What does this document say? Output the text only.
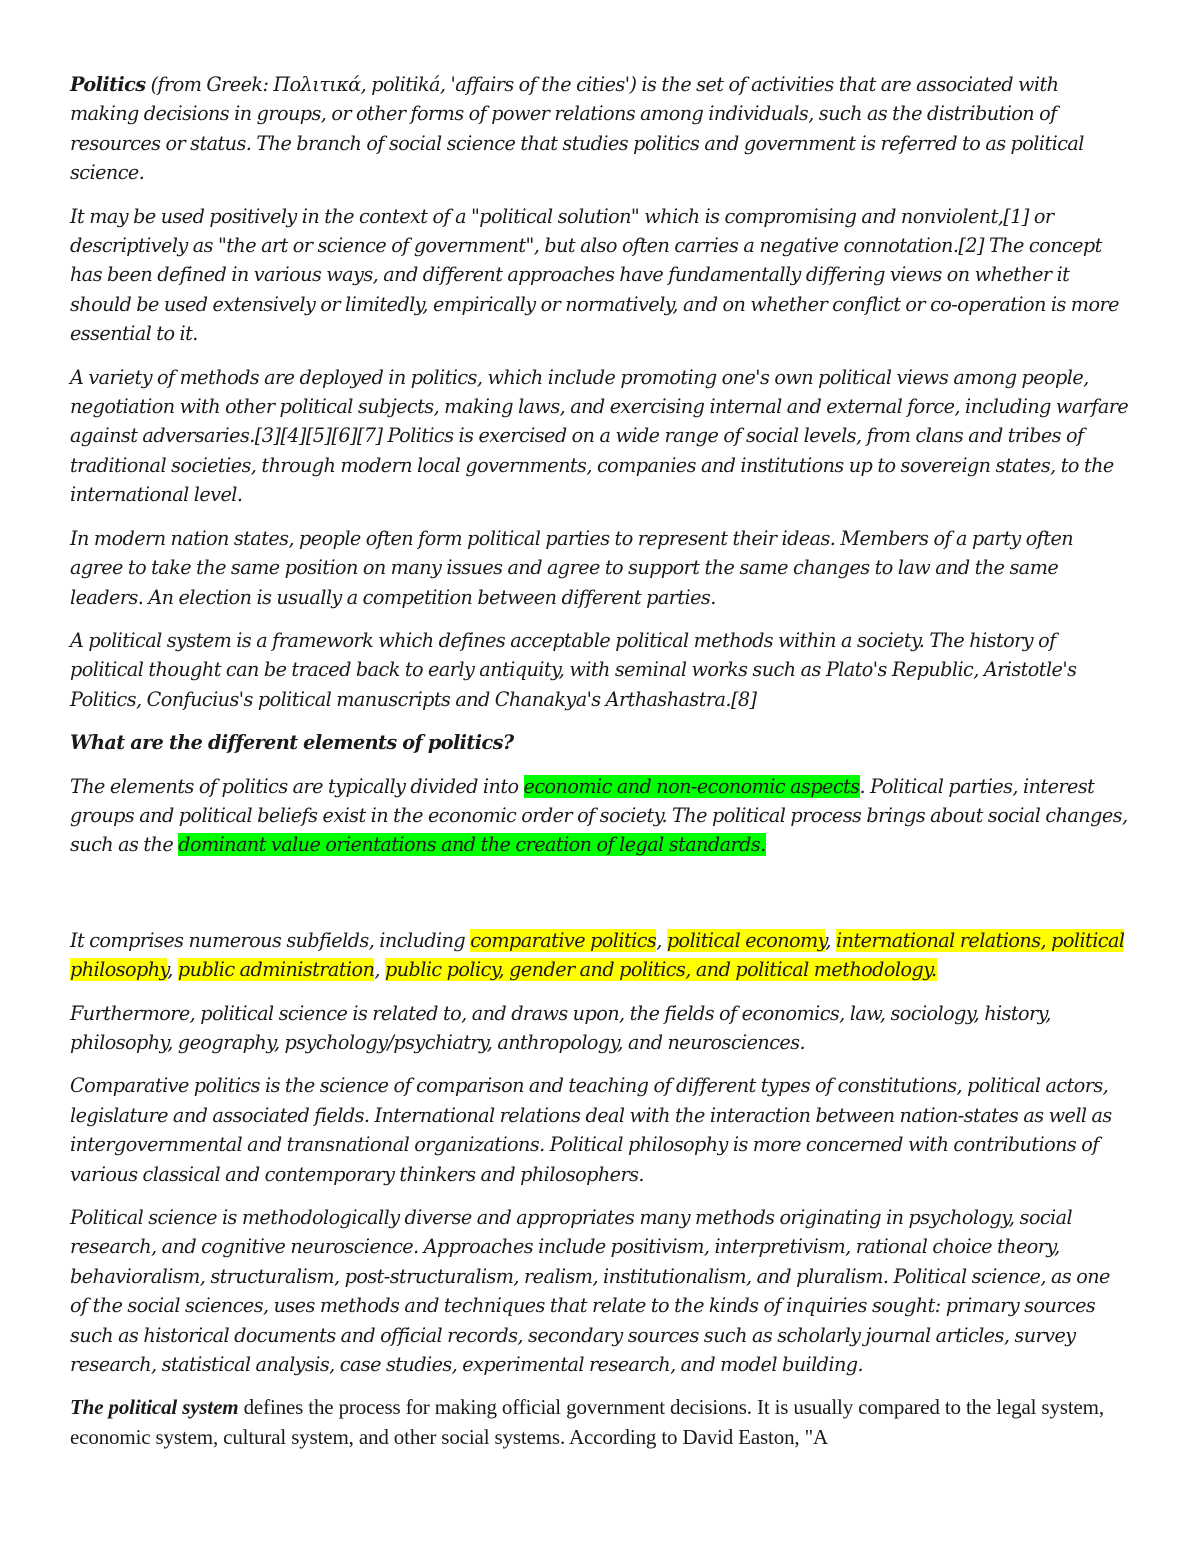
Politics (from Greek: Πολιτικά, politiká, 'affairs of the cities') is the set of activities that are associated with making decisions in groups, or other forms of power relations among individuals, such as the distribution of resources or status. The branch of social science that studies politics and government is referred to as political science.

It may be used positively in the context of a "political solution" which is compromising and nonviolent,[1] or descriptively as "the art or science of government", but also often carries a negative connotation.[2] The concept has been defined in various ways, and different approaches have fundamentally differing views on whether it should be used extensively or limitedly, empirically or normatively, and on whether conflict or co-operation is more essential to it.

A variety of methods are deployed in politics, which include promoting one's own political views among people, negotiation with other political subjects, making laws, and exercising internal and external force, including warfare against adversaries.[3][4][5][6][7] Politics is exercised on a wide range of social levels, from clans and tribes of traditional societies, through modern local governments, companies and institutions up to sovereign states, to the international level.

In modern nation states, people often form political parties to represent their ideas. Members of a party often agree to take the same position on many issues and agree to support the same changes to law and the same leaders. An election is usually a competition between different parties.

A political system is a framework which defines acceptable political methods within a society. The history of political thought can be traced back to early antiquity, with seminal works such as Plato's Republic, Aristotle's Politics, Confucius's political manuscripts and Chanakya's Arthashastra.[8]

What are the different elements of politics?

The elements of politics are typically divided into economic and non-economic aspects. Political parties, interest groups and political beliefs exist in the economic order of society. The political process brings about social changes, such as the dominant value orientations and the creation of legal standards.

It comprises numerous subfields, including comparative politics, political economy, international relations, political philosophy, public administration, public policy, gender and politics, and political methodology.

Furthermore, political science is related to, and draws upon, the fields of economics, law, sociology, history, philosophy, geography, psychology/psychiatry, anthropology, and neurosciences.

Comparative politics is the science of comparison and teaching of different types of constitutions, political actors, legislature and associated fields. International relations deal with the interaction between nation-states as well as intergovernmental and transnational organizations. Political philosophy is more concerned with contributions of various classical and contemporary thinkers and philosophers.

Political science is methodologically diverse and appropriates many methods originating in psychology, social research, and cognitive neuroscience. Approaches include positivism, interpretivism, rational choice theory, behavioralism, structuralism, post-structuralism, realism, institutionalism, and pluralism. Political science, as one of the social sciences, uses methods and techniques that relate to the kinds of inquiries sought: primary sources such as historical documents and official records, secondary sources such as scholarly journal articles, survey research, statistical analysis, case studies, experimental research, and model building.

The political system defines the process for making official government decisions. It is usually compared to the legal system, economic system, cultural system, and other social systems. According to David Easton, "A
